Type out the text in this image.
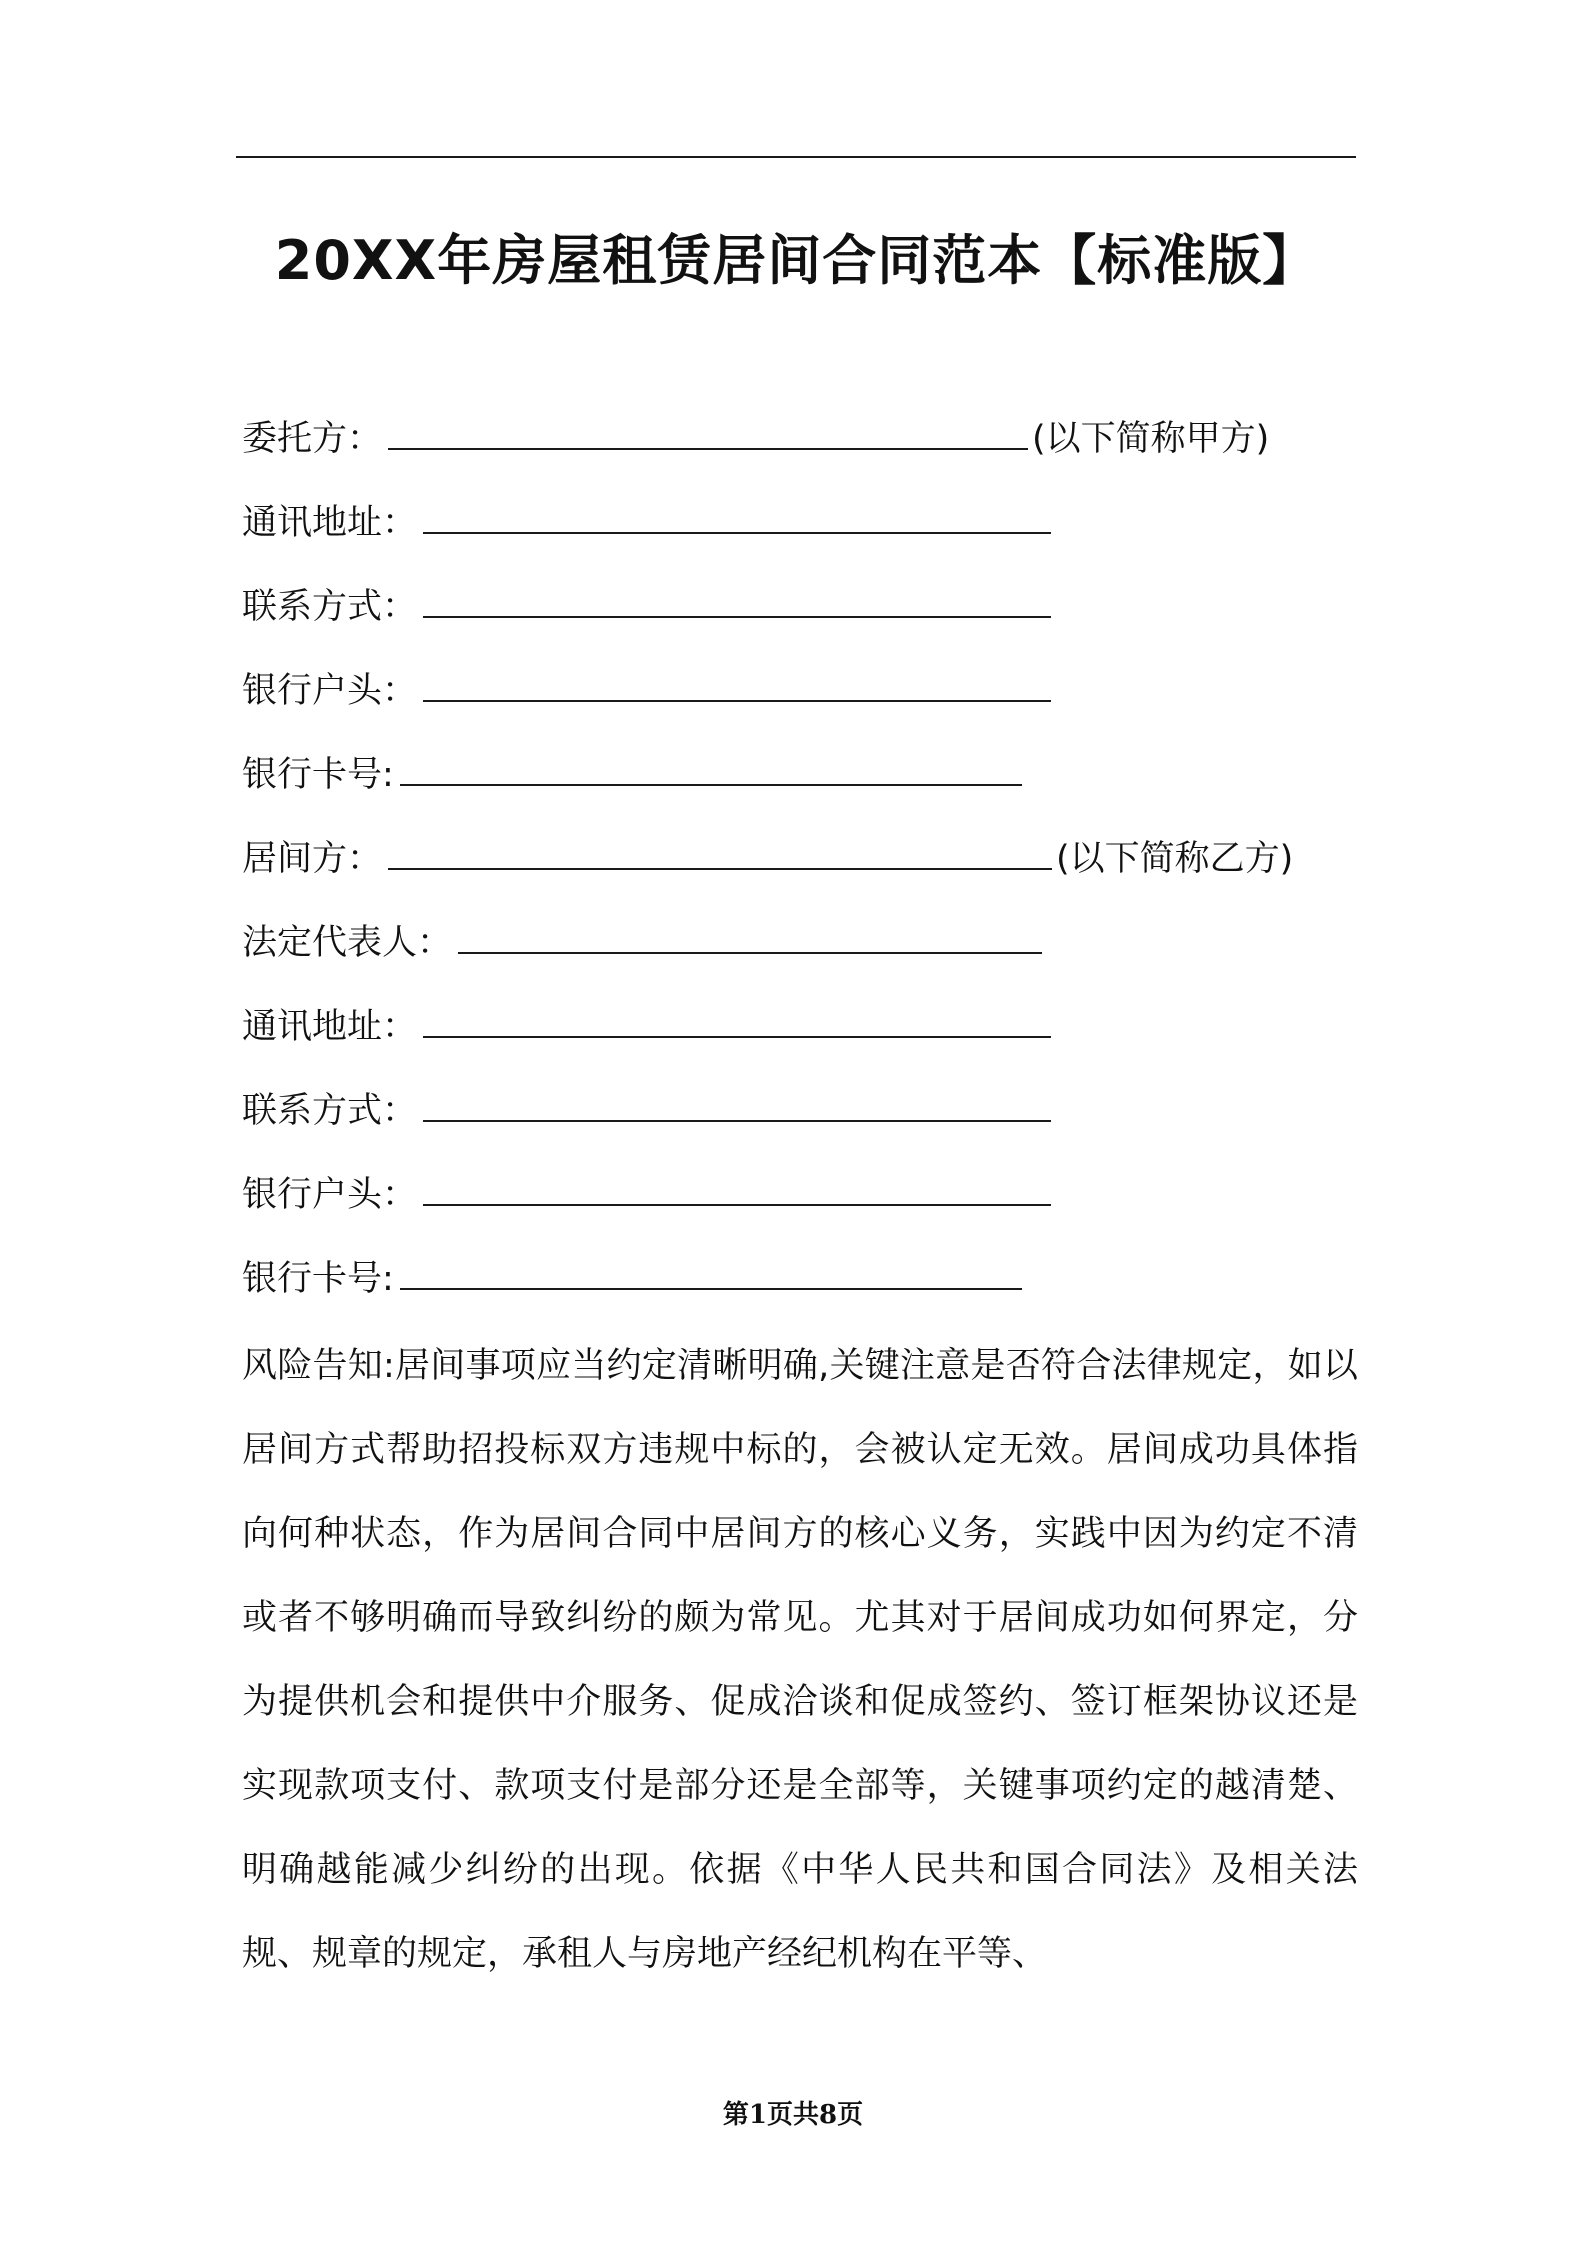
20XX年房屋租赁居间合同范本【标准版】
委托方：	(以下简称甲方)
通讯地址：
联系方式：
银行户头：
银行卡号:
居间方：	(以下简称乙方)
法定代表人：
通讯地址：
联系方式：
银行户头：
银行卡号:
风险告知:居间事项应当约定清晰明确,关键注意是否符合法律规定，如以居间方式帮助招投标双方违规中标的，会被认定无效。居间成功具体指向何种状态，作为居间合同中居间方的核心义务，实践中因为约定不清或者不够明确而导致纠纷的颇为常见。尤其对于居间成功如何界定，分为提供机会和提供中介服务、促成洽谈和促成签约、签订框架协议还是实现款项支付、款项支付是部分还是全部等，关键事项约定的越清楚、明确越能减少纠纷的出现。依据《中华人民共和国合同法》及相关法规、规章的规定，承租人与房地产经纪机构在平等、
第1页共8页
